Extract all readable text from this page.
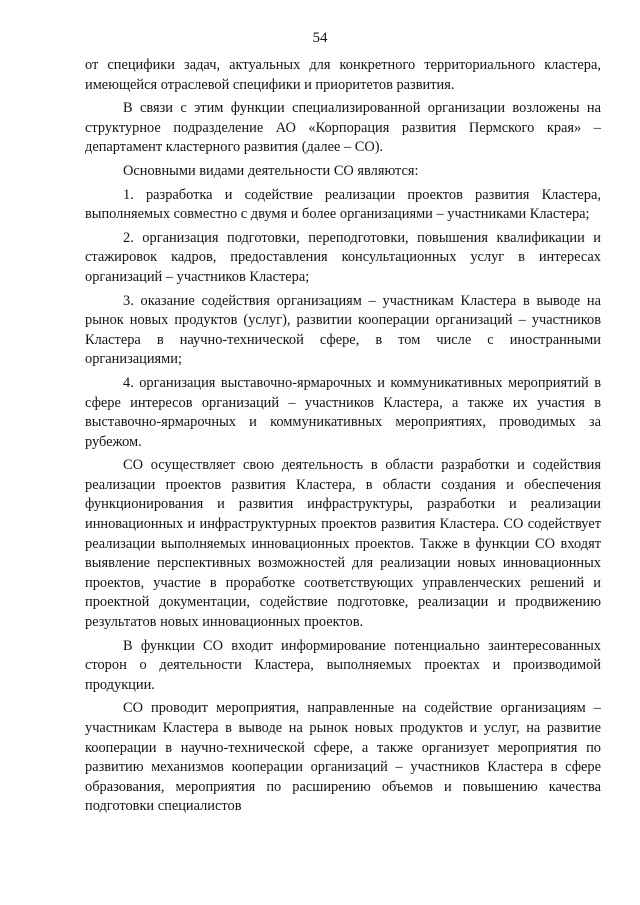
54

от специфики задач, актуальных для конкретного территориального кластера, имеющейся отраслевой специфики и приоритетов развития.

В связи с этим функции специализированной организации возложены на структурное подразделение АО «Корпорация развития Пермского края» – департамент кластерного развития (далее – СО).

Основными видами деятельности СО являются:

1. разработка и содействие реализации проектов развития Кластера, выполняемых совместно с двумя и более организациями – участниками Кластера;

2. организация подготовки, переподготовки, повышения квалификации и стажировок кадров, предоставления консультационных услуг в интересах организаций – участников Кластера;

3. оказание содействия организациям – участникам Кластера в выводе на рынок новых продуктов (услуг), развитии кооперации организаций – участников Кластера в научно-технической сфере, в том числе с иностранными организациями;

4. организация выставочно-ярмарочных и коммуникативных мероприятий в сфере интересов организаций – участников Кластера, а также их участия в выставочно-ярмарочных и коммуникативных мероприятиях, проводимых за рубежом.

СО осуществляет свою деятельность в области разработки и содействия реализации проектов развития Кластера, в области создания и обеспечения функционирования и развития инфраструктуры, разработки и реализации инновационных и инфраструктурных проектов развития Кластера. СО содействует реализации выполняемых инновационных проектов. Также в функции СО входят выявление перспективных возможностей для реализации новых инновационных проектов, участие в проработке соответствующих управленческих решений и проектной документации, содействие подготовке, реализации и продвижению результатов новых инновационных проектов.

В функции СО входит информирование потенциально заинтересованных сторон о деятельности Кластера, выполняемых проектах и производимой продукции.

СО проводит мероприятия, направленные на содействие организациям – участникам Кластера в выводе на рынок новых продуктов и услуг, на развитие кооперации в научно-технической сфере, а также организует мероприятия по развитию механизмов кооперации организаций – участников Кластера в сфере образования, мероприятия по расширению объемов и повышению качества подготовки специалистов
